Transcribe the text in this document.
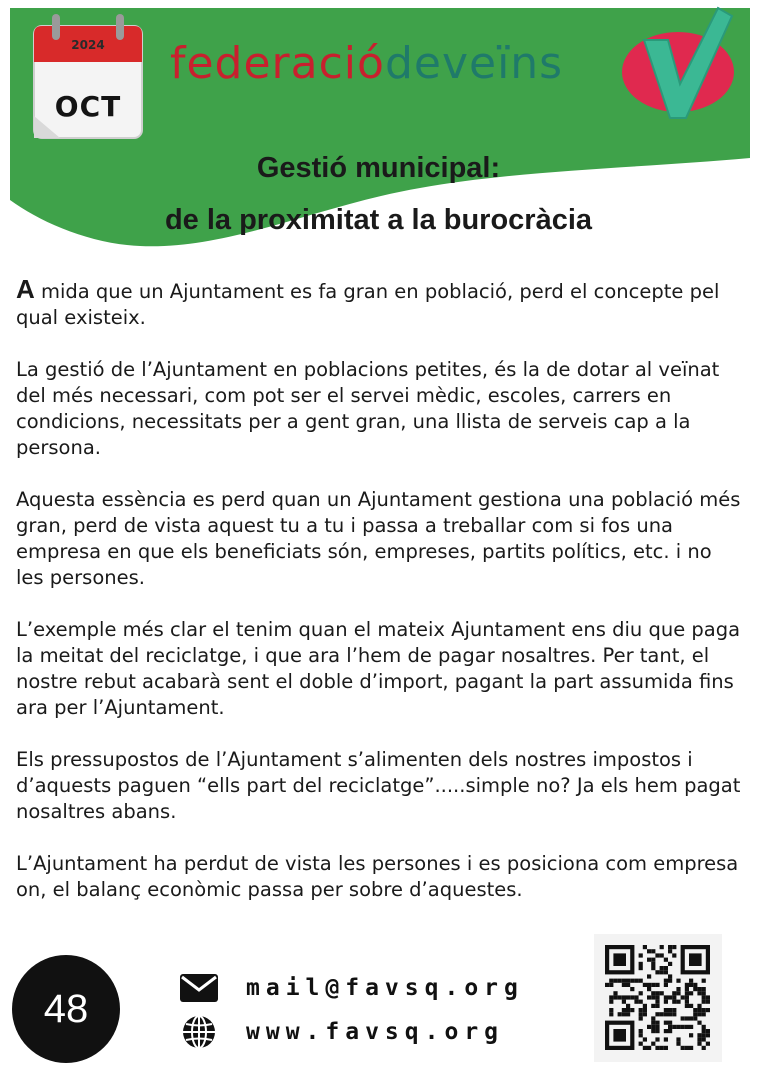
2024
OCT
federaciódeveïns
Gestió municipal:
de la proximitat a la burocràcia

A mida que un Ajuntament es fa gran en població, perd el concepte pel qual existeix.

La gestió de l’Ajuntament en poblacions petites, és la de dotar al veïnat del més necessari, com pot ser el servei mèdic, escoles, carrers en condicions, necessitats per a gent gran, una llista de serveis cap a la persona.

Aquesta essència es perd quan un Ajuntament gestiona una població més gran, perd de vista aquest tu a tu i passa a treballar com si fos una empresa en que els beneficiats són, empreses, partits polítics, etc. i no les persones.

L’exemple més clar el tenim quan el mateix Ajuntament ens diu que paga la meitat del reciclatge, i que ara l’hem de pagar nosaltres. Per tant, el nostre rebut acabarà sent el doble d’import, pagant la part assumida fins ara per l’Ajuntament.

Els pressupostos de l’Ajuntament s’alimenten dels nostres impostos i d’aquests paguen “ells part del reciclatge”.....simple no? Ja els hem pagat nosaltres abans.

L’Ajuntament ha perdut de vista les persones i es posiciona com empresa on, el balanç econòmic passa per sobre d’aquestes.

48	mail@favsq.org
www.favsq.org
